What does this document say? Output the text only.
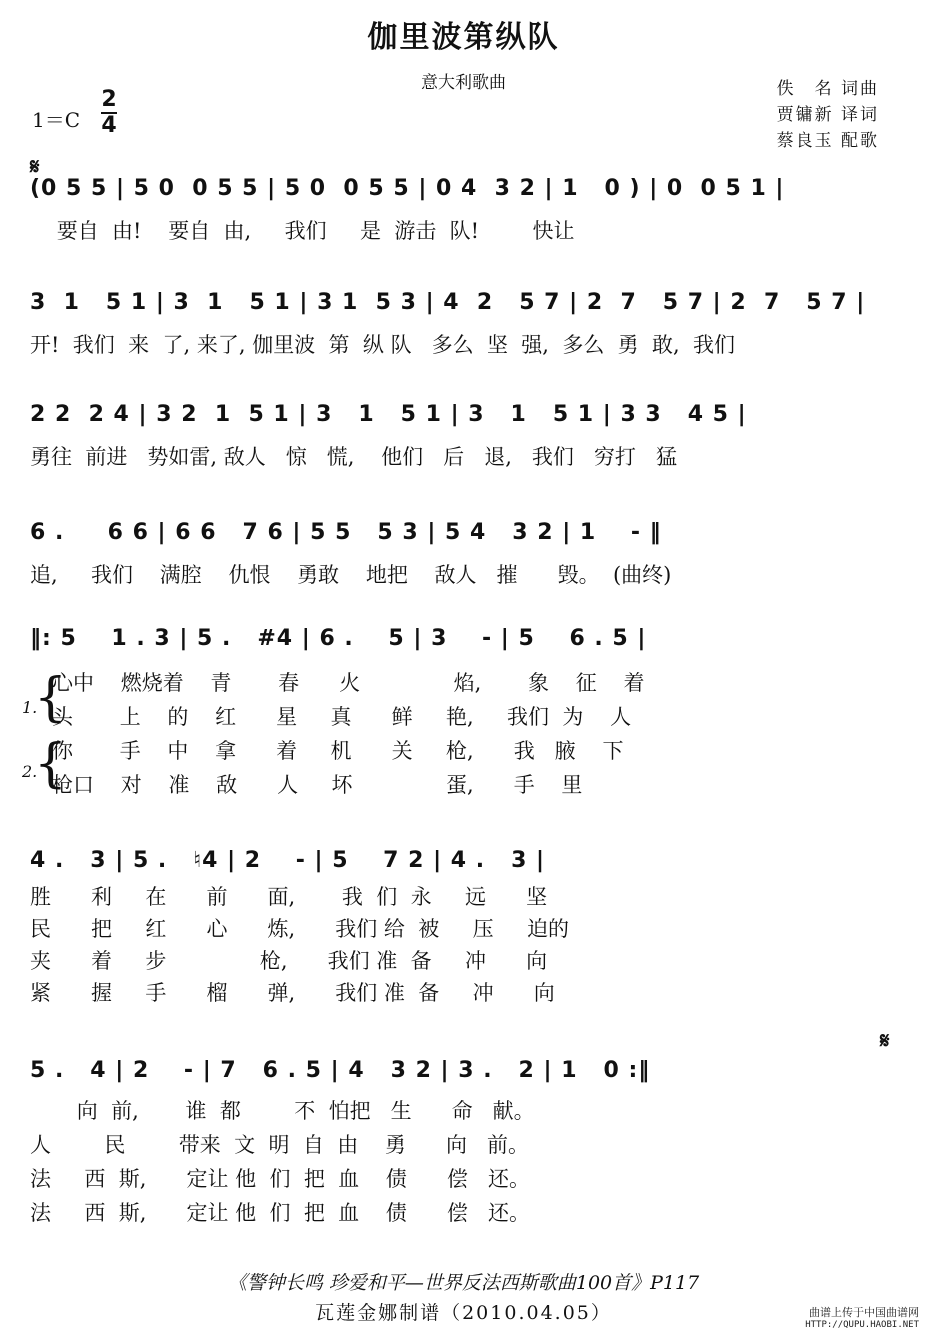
伽里波第纵队
意大利歌曲
1＝C
2
4
佚　名 词曲
贾镛新 译词
蔡良玉 配歌
𝄋
(0 5 5 | 5 0  0 5 5 | 5 0  0 5 5 | 0 4  3 2 | 1   0 ) | 0  0 5 1 |
要自  由!    要自  由,     我们     是  游击  队!        快让
3  1   5 1 | 3  1   5 1 | 3 1  5 3 | 4  2   5 7 | 2  7   5 7 | 2  7   5 7 |
开!  我们  来  了, 来了, 伽里波  第  纵 队   多么  坚  强,  多么  勇  敢,  我们
2 2  2 4 | 3 2  1  5 1 | 3   1   5 1 | 3   1   5 1 | 3 3   4 5 |
勇往  前进   势如雷, 敌人   惊   慌,    他们   后   退,   我们   穷打   猛
6 .     6 6 | 6 6   7 6 | 5 5   5 3 | 5 4   3 2 | 1    - ‖
追,     我们    满腔    仇恨    勇敢    地把    敌人   摧      毁。  (曲终)
‖: 5    1 . 3 | 5 .   #4 | 6 .    5 | 3    - | 5    6 . 5 |
1.
{
2.
{
心中    燃烧着    青       春      火              焰,       象    征    着
头       上    的    红      星     真      鲜     艳,     我们  为    人
你       手    中    拿      着     机      关     枪,      我   腋    下
枪口    对    准    敌      人     坏              蛋,      手    里
4 .   3 | 5 .   ♮4 | 2    - | 5    7 2 | 4 .   3 |
胜      利     在      前      面,       我  们  永     远      坚
民      把     红      心      炼,      我们 给  被     压     迫的
夹      着     步              枪,      我们 准  备     冲      向
紧      握     手      榴      弹,      我们 准  备     冲      向
𝄋
5 .   4 | 2    - | 7   6 . 5 | 4   3 2 | 3 .   2 | 1   0 :‖
向  前,       谁  都        不  怕把   生      命   献。
人        民        带来  文  明  自  由    勇      向   前。
法     西  斯,      定让 他  们  把  血    债      偿   还。
法     西  斯,      定让 他  们  把  血    债      偿   还。
《警钟长鸣 珍爱和平—世界反法西斯歌曲100首》P117
瓦莲金娜制谱（2010.04.05）	曲谱上传于中国曲谱网
HTTP://QUPU.HAOBI.NET
